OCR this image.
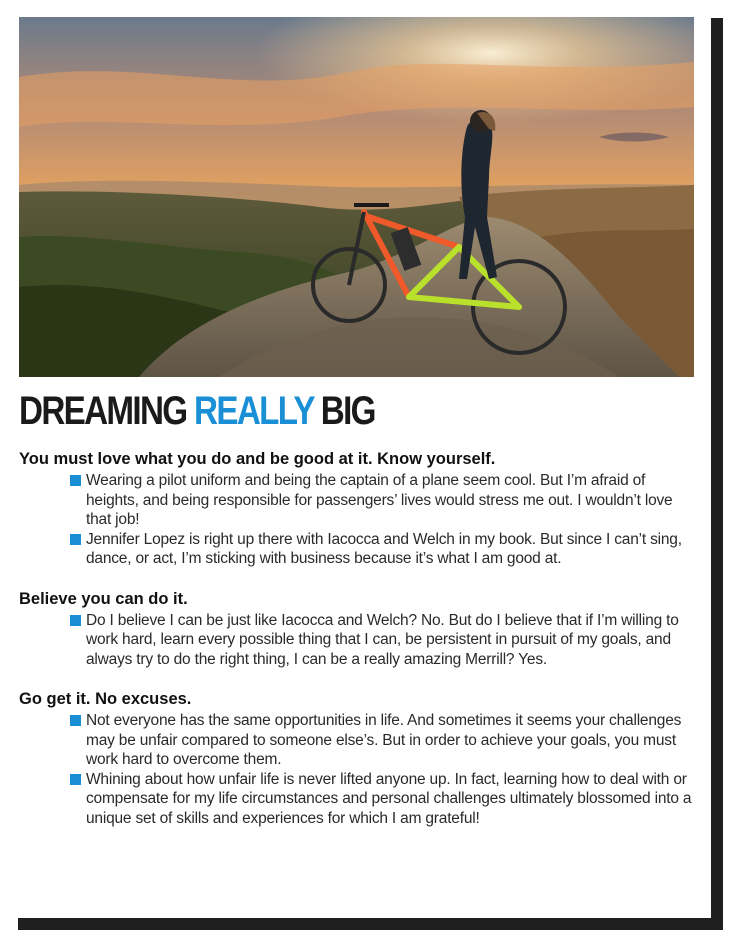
DREAMING REALLY BIG

You must love what you do and be good at it. Know yourself.

Wearing a pilot uniform and being the captain of a plane seem cool. But I’m afraid of heights, and being responsible for passengers’ lives would stress me out. I wouldn’t love that job!
Jennifer Lopez is right up there with Iacocca and Welch in my book. But since I can’t sing, dance, or act, I’m sticking with business because it’s what I am good at.

Believe you can do it.

Do I believe I can be just like Iacocca and Welch? No. But do I believe that if I’m willing to work hard, learn every possible thing that I can, be persistent in pursuit of my goals, and always try to do the right thing, I can be a really amazing Merrill? Yes.

Go get it. No excuses.

Not everyone has the same opportunities in life. And sometimes it seems your challenges may be unfair compared to someone else’s. But in order to achieve your goals, you must work hard to overcome them.
Whining about how unfair life is never lifted anyone up. In fact, learning how to deal with or compensate for my life circumstances and personal challenges ultimately blossomed into a unique set of skills and experiences for which I am grateful!
